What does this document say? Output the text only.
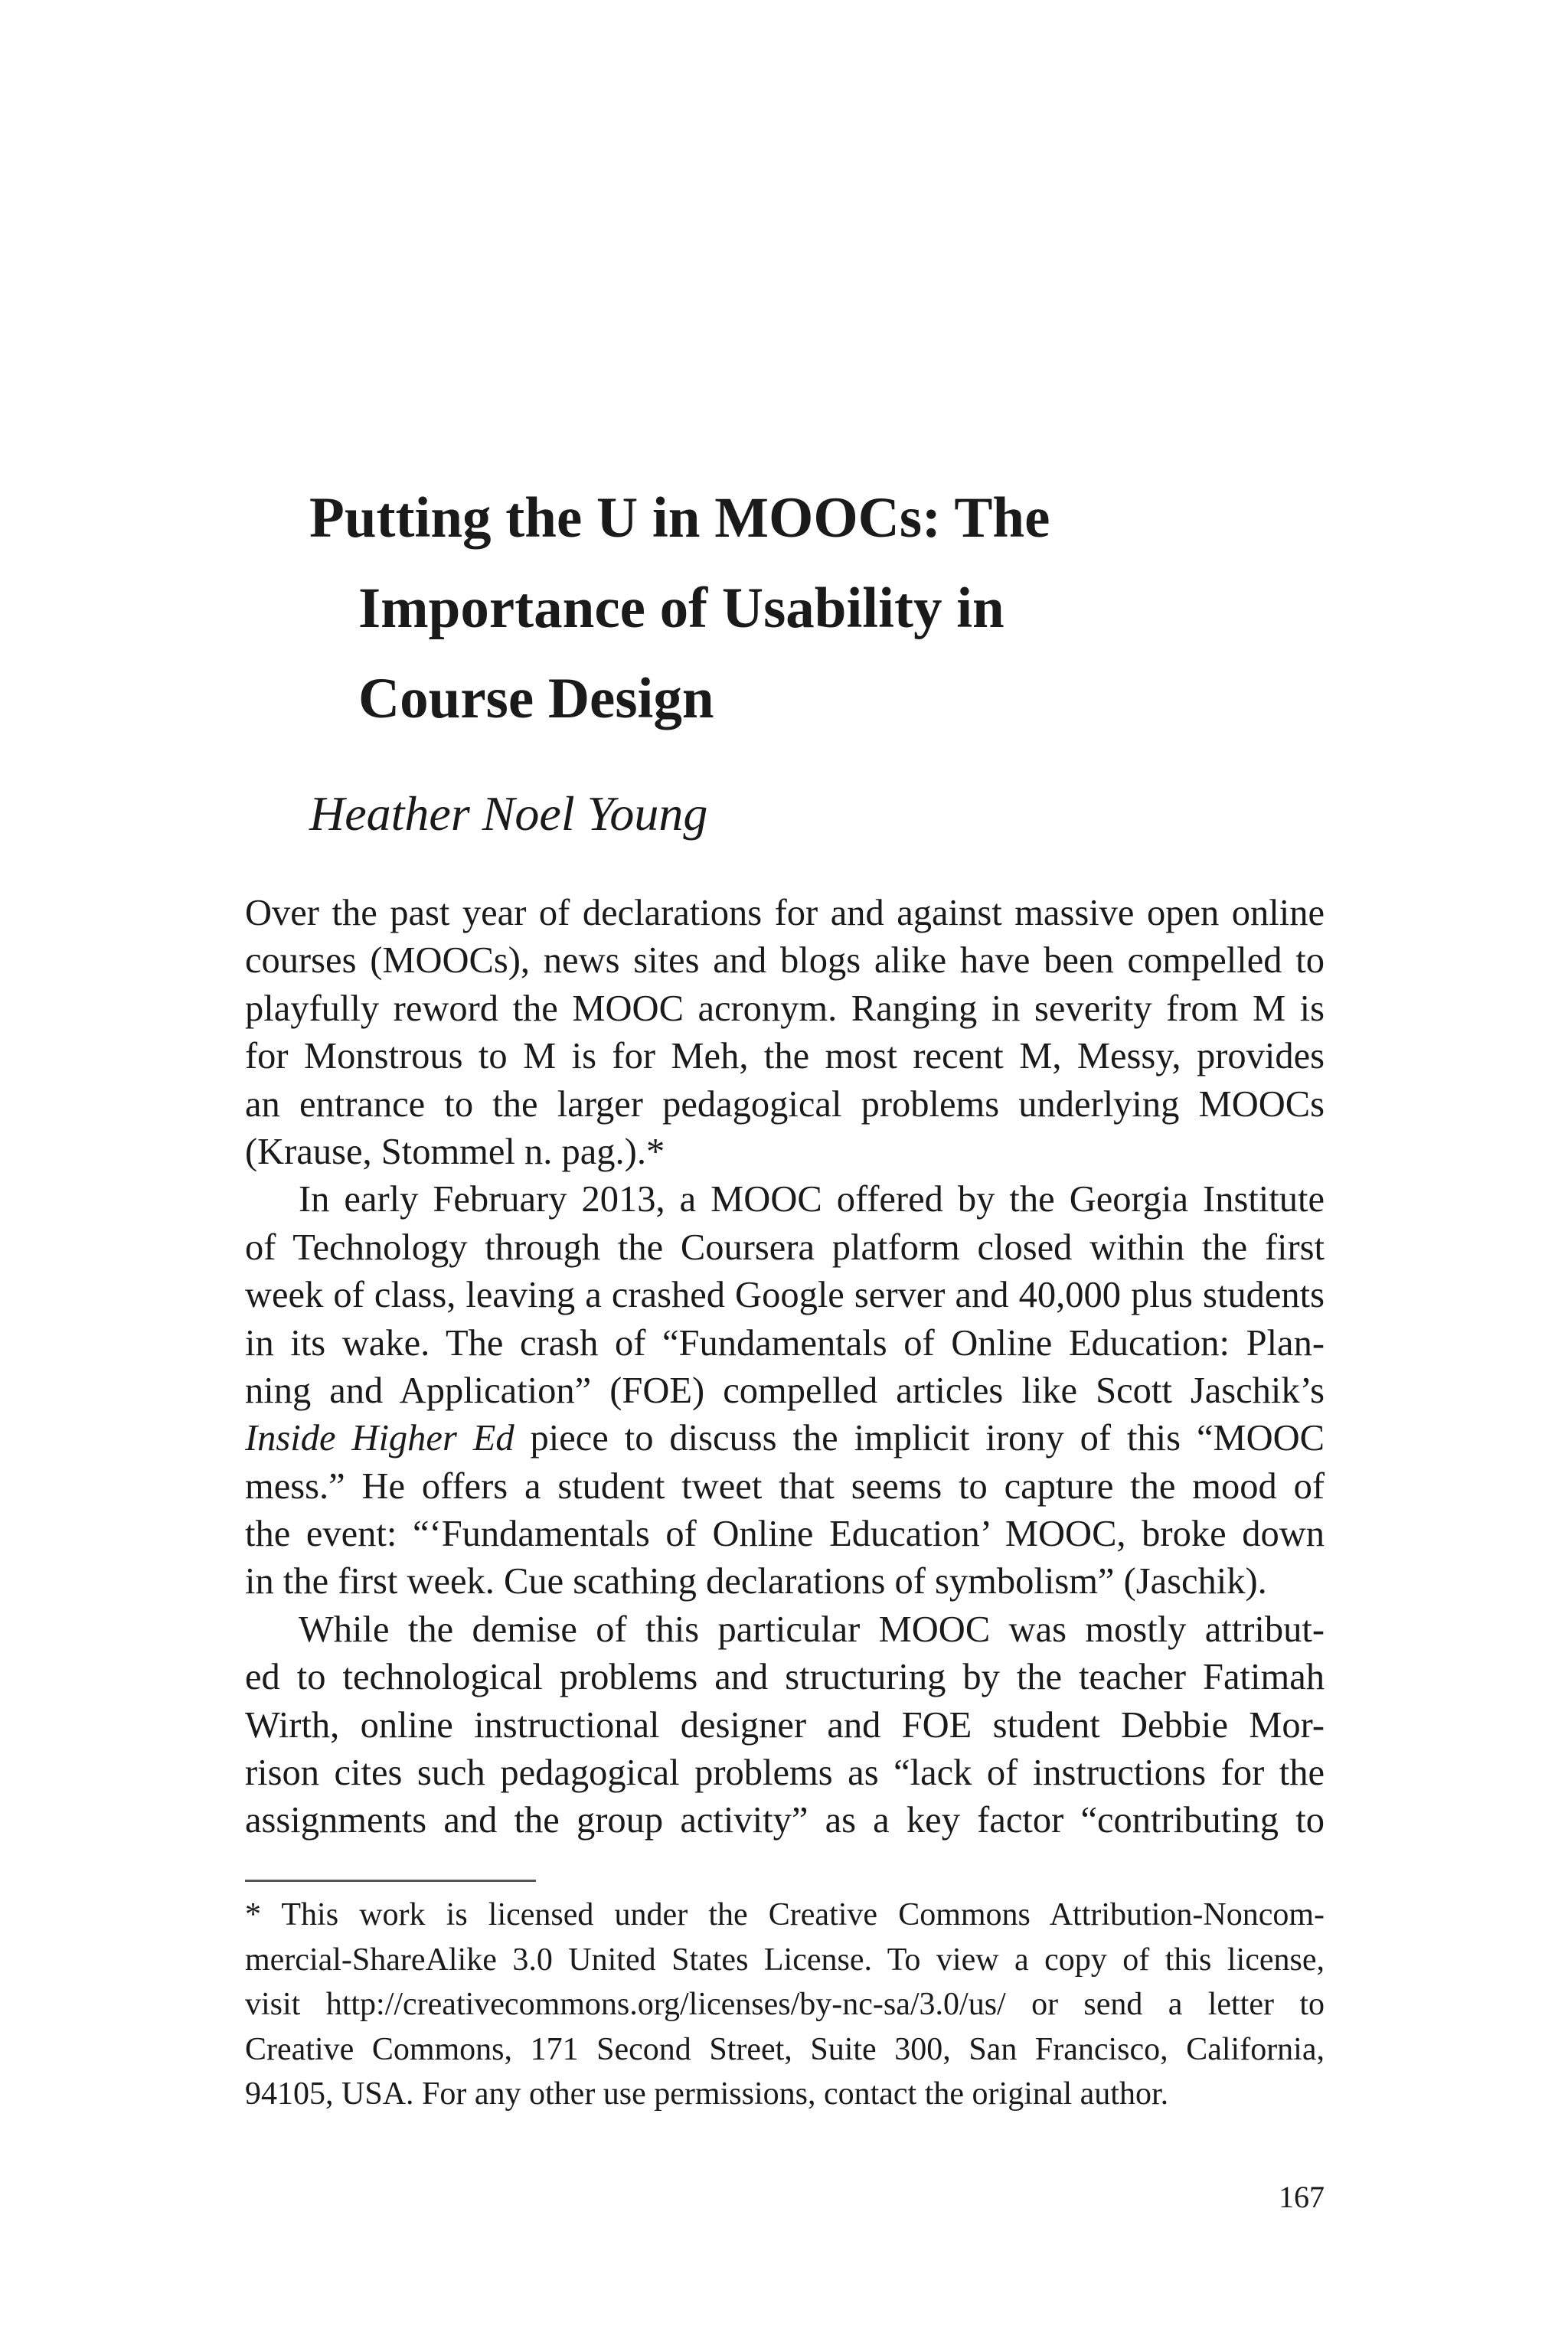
Putting the U in MOOCs: The
Importance of Usability in
Course Design

Heather Noel Young

Over the past year of declarations for and against massive open online
courses (MOOCs), news sites and blogs alike have been compelled to
playfully reword the MOOC acronym. Ranging in severity from M is
for Monstrous to M is for Meh, the most recent M, Messy, provides
an entrance to the larger pedagogical problems underlying MOOCs
(Krause, Stommel n. pag.).*
In early February 2013, a MOOC offered by the Georgia Institute
of Technology through the Coursera platform closed within the first
week of class, leaving a crashed Google server and 40,000 plus students
in its wake. The crash of “Fundamentals of Online Education: Plan-
ning and Application” (FOE) compelled articles like Scott Jaschik’s
Inside Higher Ed piece to discuss the implicit irony of this “MOOC
mess.” He offers a student tweet that seems to capture the mood of
the event: “‘Fundamentals of Online Education’ MOOC, broke down
in the first week. Cue scathing declarations of symbolism” (Jaschik).
While the demise of this particular MOOC was mostly attribut-
ed to technological problems and structuring by the teacher Fatimah
Wirth, online instructional designer and FOE student Debbie Mor-
rison cites such pedagogical problems as “lack of instructions for the
assignments and the group activity” as a key factor “contributing to
* This work is licensed under the Creative Commons Attribution-Noncom-
mercial-ShareAlike 3.0 United States License. To view a copy of this license,
visit http://creativecommons.org/licenses/by-nc-sa/3.0/us/ or send a letter to
Creative Commons, 171 Second Street, Suite 300, San Francisco, California,
94105, USA. For any other use permissions, contact the original author.
167
